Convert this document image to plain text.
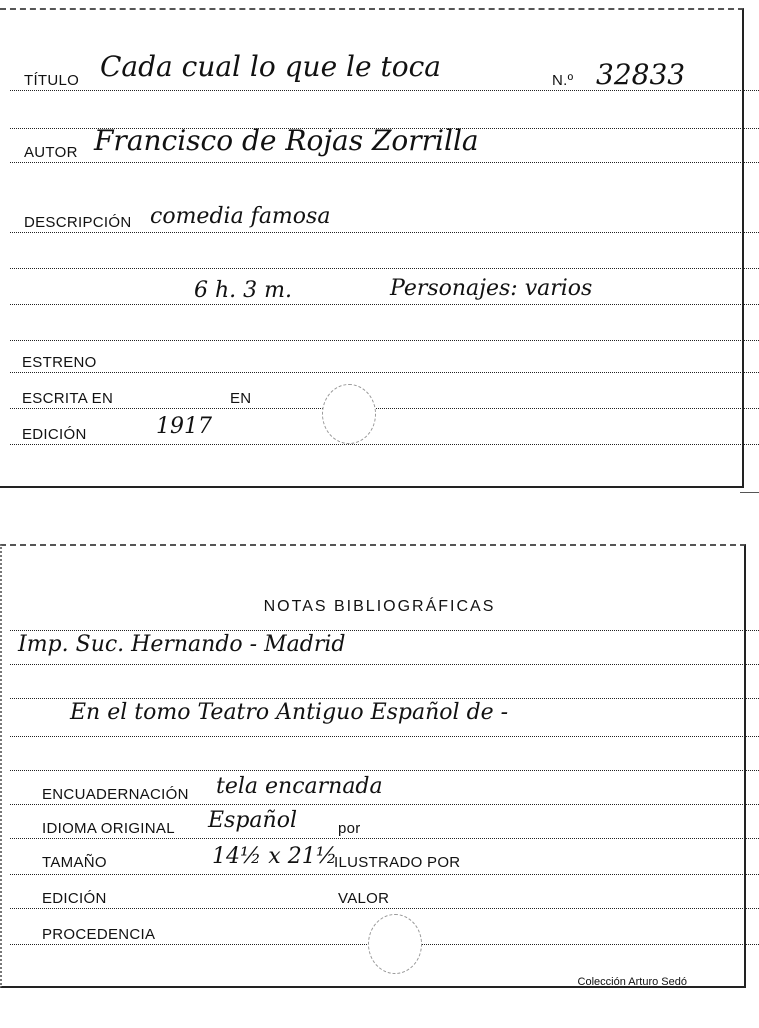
TÍTULO Cada cual lo que le toca	N.º 32833
AUTOR Francisco de Rojas Zorrilla
DESCRIPCIÓN comedia famosa
6 h. 3 m.	Personajes: varios
ESTRENO
ESCRITA EN	EN
EDICIÓN	1917
NOTAS BIBLIOGRÁFICAS
Imp. Suc. Hernando - Madrid
En el tomo Teatro Antiguo Español de -
ENCUADERNACIÓN tela encarnada
IDIOMA ORIGINAL Español	por
TAMAÑO	14½ x 21½
ILUSTRADO POR
EDICIÓN	VALOR
PROCEDENCIA
Colección Arturo Sedó
